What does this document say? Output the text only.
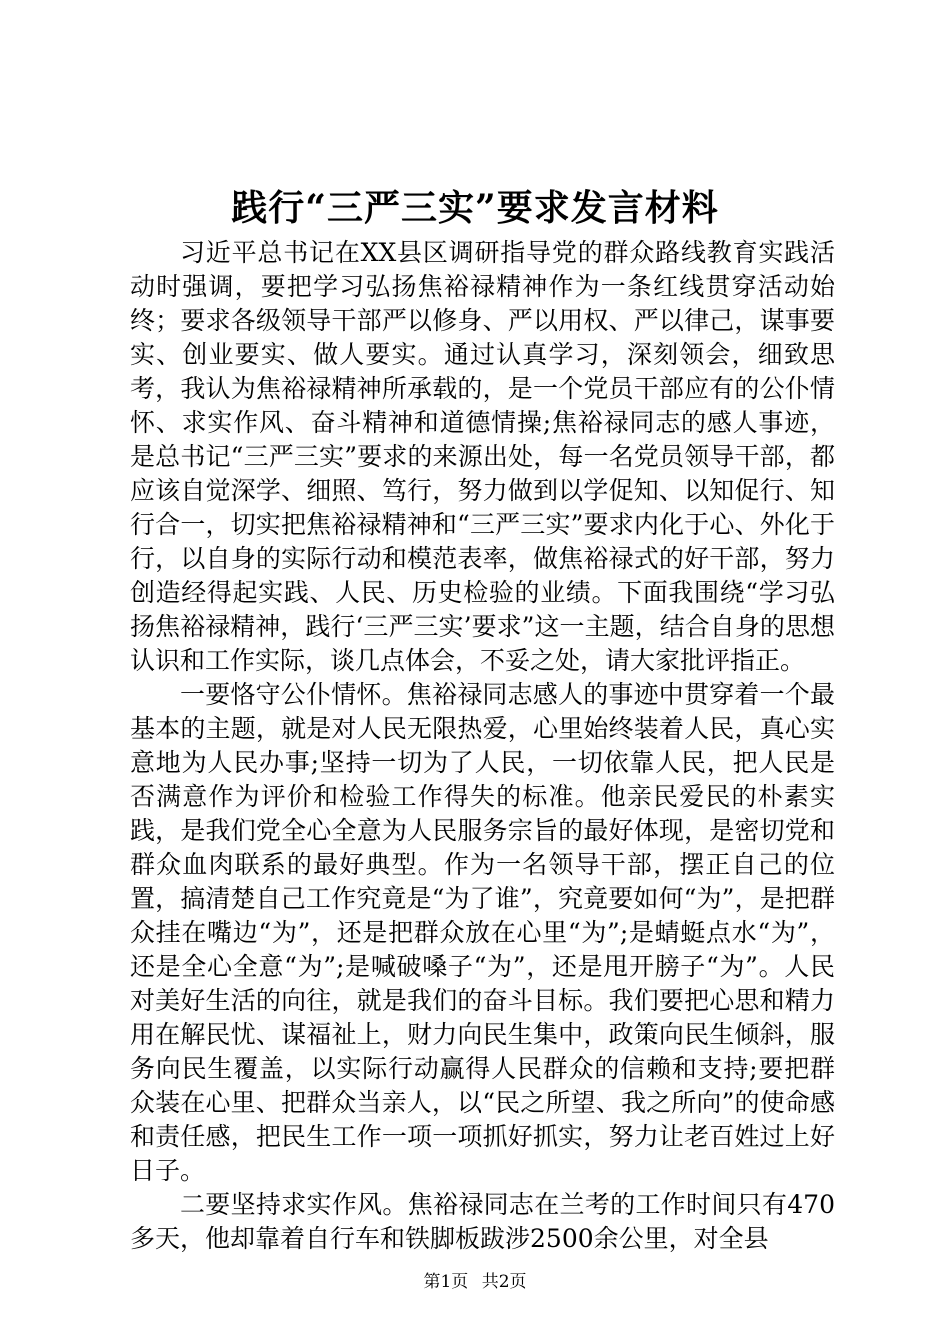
践行“三严三实”要求发言材料

习近平总书记在XX县区调研指导党的群众路线教育实践活动时强调，要把学习弘扬焦裕禄精神作为一条红线贯穿活动始终；要求各级领导干部严以修身、严以用权、严以律己，谋事要实、创业要实、做人要实。通过认真学习，深刻领会，细致思考，我认为焦裕禄精神所承载的，是一个党员干部应有的公仆情怀、求实作风、奋斗精神和道德情操;焦裕禄同志的感人事迹，是总书记“三严三实”要求的来源出处，每一名党员领导干部，都应该自觉深学、细照、笃行，努力做到以学促知、以知促行、知行合一，切实把焦裕禄精神和“三严三实”要求内化于心、外化于行，以自身的实际行动和模范表率，做焦裕禄式的好干部，努力创造经得起实践、人民、历史检验的业绩。下面我围绕“学习弘扬焦裕禄精神，践行‘三严三实’要求”这一主题，结合自身的思想认识和工作实际，谈几点体会，不妥之处，请大家批评指正。

一要恪守公仆情怀。焦裕禄同志感人的事迹中贯穿着一个最基本的主题，就是对人民无限热爱，心里始终装着人民，真心实意地为人民办事;坚持一切为了人民，一切依靠人民，把人民是否满意作为评价和检验工作得失的标准。他亲民爱民的朴素实践，是我们党全心全意为人民服务宗旨的最好体现，是密切党和群众血肉联系的最好典型。作为一名领导干部，摆正自己的位置，搞清楚自己工作究竟是“为了谁”，究竟要如何“为”，是把群众挂在嘴边“为”，还是把群众放在心里“为”;是蜻蜓点水“为”，还是全心全意“为”;是喊破嗓子“为”，还是甩开膀子“为”。人民对美好生活的向往，就是我们的奋斗目标。我们要把心思和精力用在解民忧、谋福祉上，财力向民生集中，政策向民生倾斜，服务向民生覆盖，以实际行动赢得人民群众的信赖和支持;要把群众装在心里、把群众当亲人，以“民之所望、我之所向”的使命感和责任感，把民生工作一项一项抓好抓实，努力让老百姓过上好日子。

二要坚持求实作风。焦裕禄同志在兰考的工作时间只有470多天，他却靠着自行车和铁脚板跋涉2500余公里，对全县

第1页 共2页
